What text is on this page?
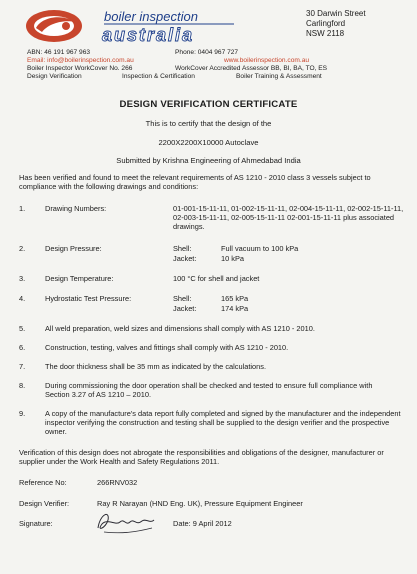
boiler inspection
australia
30 Darwin Street
Carlingford
NSW 2118
ABN: 46 191 967 963	Phone: 0404 967 727
Email: info@boilerinspection.com.au	www.boilerinspection.com.au
Boiler Inspector WorkCover No. 266	WorkCover Accredited Assessor BB, BI, BA, TO, ES
Design Verification	Inspection & Certification	Boiler Training & Assessment
DESIGN VERIFICATION CERTIFICATE
This is to certify that the design of the
2200X2200X10000 Autoclave
Submitted by Krishna Engineering of Ahmedabad India
Has been verified and found to meet the relevant requirements of AS 1210 - 2010 class 3 vessels subject to compliance with the following drawings and conditions:
1.	Drawing Numbers:	01-001-15-11-11, 01-002-15-11-11, 02-004-15-11-11, 02-002-15-11-11, 02-003-15-11-11, 02-005-15-11-11 02-001-15-11-11 plus associated drawings.
2.	Design Pressure:	Shell:	Full vacuum to 100 kPa
Jacket:	10 kPa
3.	Design Temperature:	100 °C for shell and jacket
4.	Hydrostatic Test Pressure:	Shell:	165 kPa
Jacket:	174 kPa
5.	All weld preparation, weld sizes and dimensions shall comply with AS 1210 - 2010.
6.	Construction, testing, valves and fittings shall comply with AS 1210 - 2010.
7.	The door thickness shall be 35 mm as indicated by the calculations.
8.	During commissioning the door operation shall be checked and tested to ensure full compliance with Section 3.27 of AS 1210 – 2010.
9.	A copy of the manufacture's data report fully completed and signed by the manufacturer and the independent inspector verifying the construction and testing shall be supplied to the design verifier and the prospective owner.
Verification of this design does not abrogate the responsibilities and obligations of the designer, manufacturer or supplier under the Work Health and Safety Regulations 2011.
Reference No:	266RNV032
Design Verifier:	Ray R Narayan (HND Eng. UK), Pressure Equipment Engineer
Signature:	Date: 9 April 2012
